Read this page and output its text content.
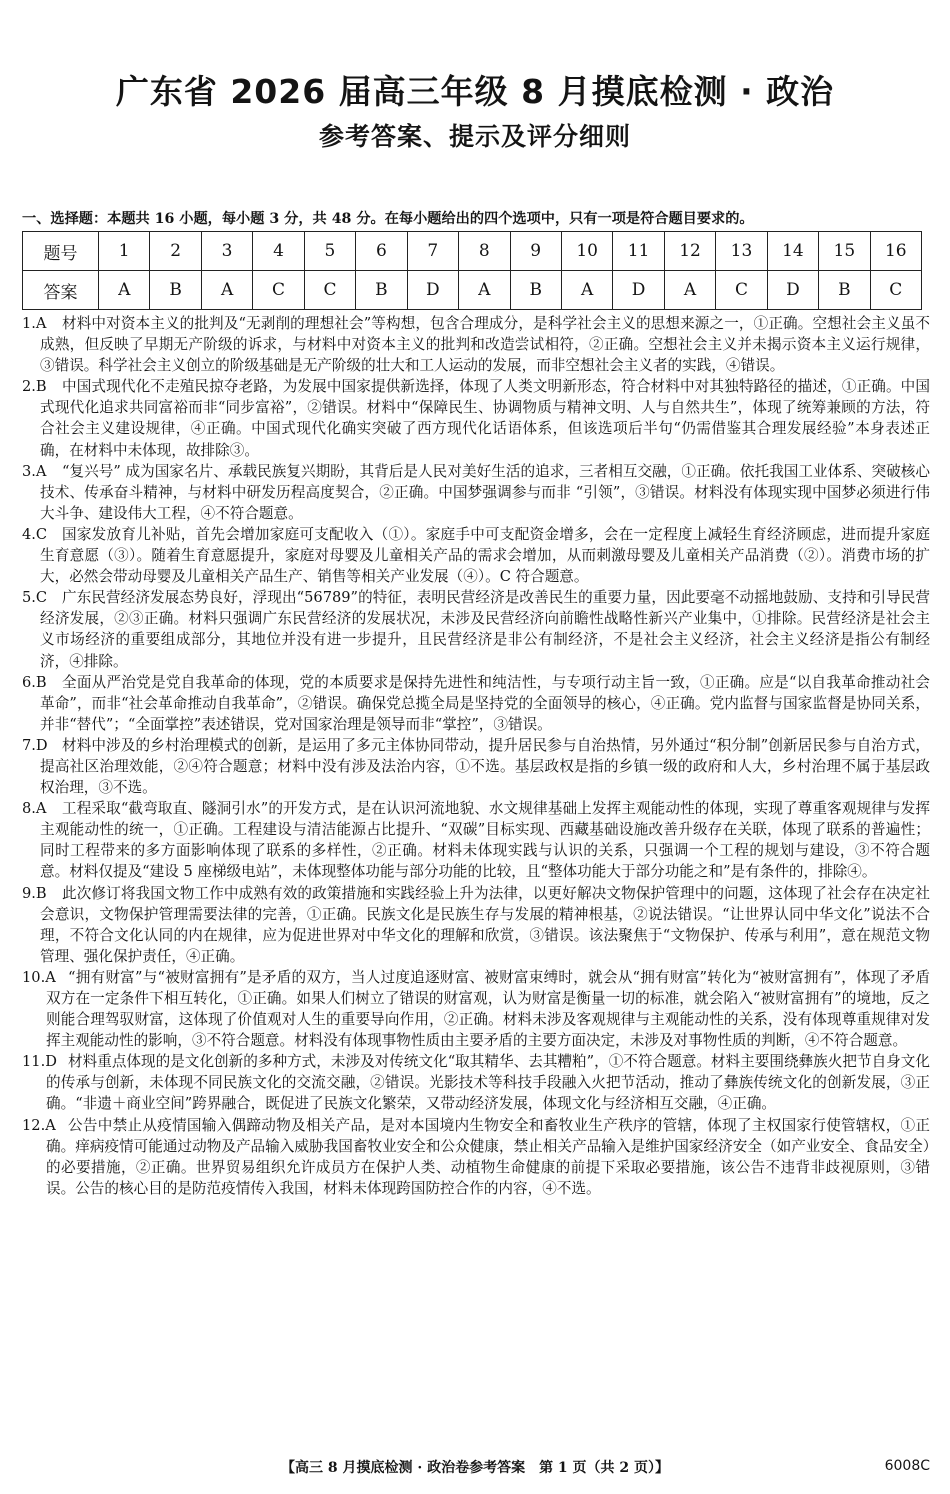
广东省 2026 届高三年级 8 月摸底检测 · 政治
参考答案、提示及评分细则
一、选择题：本题共 16 小题，每小题 3 分，共 48 分。在每小题给出的四个选项中，只有一项是符合题目要求的。
题号	1	2	3	4	5	6	7	8	9	10	11	12	13	14	15	16
答案	A	B	A	C	C	B	D	A	B	A	D	A	C	D	B	C
1.A	材料中对资本主义的批判及“无剥削的理想社会”等构想，包含合理成分，是科学社会主义的思想来源之一，①正确。空想社会主义虽不成熟，但反映了早期无产阶级的诉求，与材料中对资本主义的批判和改造尝试相符，②正确。空想社会主义并未揭示资本主义运行规律，③错误。科学社会主义创立的阶级基础是无产阶级的壮大和工人运动的发展，而非空想社会主义者的实践，④错误。
2.B	中国式现代化不走殖民掠夺老路，为发展中国家提供新选择，体现了人类文明新形态，符合材料中对其独特路径的描述，①正确。中国式现代化追求共同富裕而非“同步富裕”，②错误。材料中“保障民生、协调物质与精神文明、人与自然共生”，体现了统筹兼顾的方法，符合社会主义建设规律，④正确。中国式现代化确实突破了西方现代化话语体系，但该选项后半句“仍需借鉴其合理发展经验”本身表述正确，在材料中未体现，故排除③。
3.A	“复兴号” 成为国家名片、承载民族复兴期盼，其背后是人民对美好生活的追求，三者相互交融，①正确。依托我国工业体系、突破核心技术、传承奋斗精神，与材料中研发历程高度契合，②正确。中国梦强调参与而非 “引领”，③错误。材料没有体现实现中国梦必须进行伟大斗争、建设伟大工程，④不符合题意。
4.C	国家发放育儿补贴，首先会增加家庭可支配收入（①）。家庭手中可支配资金增多，会在一定程度上减轻生育经济顾虑，进而提升家庭生育意愿（③）。随着生育意愿提升，家庭对母婴及儿童相关产品的需求会增加，从而刺激母婴及儿童相关产品消费（②）。消费市场的扩大，必然会带动母婴及儿童相关产品生产、销售等相关产业发展（④）。C 符合题意。
5.C	广东民营经济发展态势良好，浮现出“56789”的特征，表明民营经济是改善民生的重要力量，因此要毫不动摇地鼓励、支持和引导民营经济发展，②③正确。材料只强调广东民营经济的发展状况，未涉及民营经济向前瞻性战略性新兴产业集中，①排除。民营经济是社会主义市场经济的重要组成部分，其地位并没有进一步提升，且民营经济是非公有制经济，不是社会主义经济，社会主义经济是指公有制经济，④排除。
6.B	全面从严治党是党自我革命的体现，党的本质要求是保持先进性和纯洁性，与专项行动主旨一致，①正确。应是“以自我革命推动社会革命”，而非“社会革命推动自我革命”，②错误。确保党总揽全局是坚持党的全面领导的核心，④正确。党内监督与国家监督是协同关系，并非“替代”；“全面掌控”表述错误，党对国家治理是领导而非“掌控”，③错误。
7.D 材料中涉及的乡村治理模式的创新，是运用了多元主体协同带动，提升居民参与自治热情，另外通过“积分制”创新居民参与自治方式，提高社区治理效能，②④符合题意；材料中没有涉及法治内容，①不选。基层政权是指的乡镇一级的政府和人大，乡村治理不属于基层政权治理，③不选。
8.A	工程采取“截弯取直、隧洞引水”的开发方式，是在认识河流地貌、水文规律基础上发挥主观能动性的体现，实现了尊重客观规律与发挥主观能动性的统一，①正确。工程建设与清洁能源占比提升、“双碳”目标实现、西藏基础设施改善升级存在关联，体现了联系的普遍性；同时工程带来的多方面影响体现了联系的多样性，②正确。材料未体现实践与认识的关系，只强调一个工程的规划与建设，③不符合题意。材料仅提及“建设 5 座梯级电站”，未体现整体功能与部分功能的比较，且“整体功能大于部分功能之和”是有条件的，排除④。
9.B	此次修订将我国文物工作中成熟有效的政策措施和实践经验上升为法律，以更好解决文物保护管理中的问题，这体现了社会存在决定社会意识，文物保护管理需要法律的完善，①正确。民族文化是民族生存与发展的精神根基，②说法错误。“让世界认同中华文化”说法不合理，不符合文化认同的内在规律，应为促进世界对中华文化的理解和欣赏，③错误。该法聚焦于“文物保护、传承与利用”，意在规范文物管理、强化保护责任，④正确。
10.A “拥有财富”与“被财富拥有”是矛盾的双方，当人过度追逐财富、被财富束缚时，就会从“拥有财富”转化为“被财富拥有”，体现了矛盾双方在一定条件下相互转化，①正确。如果人们树立了错误的财富观，认为财富是衡量一切的标准，就会陷入“被财富拥有”的境地，反之则能合理驾驭财富，这体现了价值观对人生的重要导向作用，②正确。材料未涉及客观规律与主观能动性的关系，没有体现尊重规律对发挥主观能动性的影响，③不符合题意。材料没有体现事物性质由主要矛盾的主要方面决定，未涉及对事物性质的判断，④不符合题意。
11.D 材料重点体现的是文化创新的多种方式，未涉及对传统文化“取其精华、去其糟粕”，①不符合题意。材料主要围绕彝族火把节自身文化的传承与创新，未体现不同民族文化的交流交融，②错误。光影技术等科技手段融入火把节活动，推动了彝族传统文化的创新发展，③正确。“非遗＋商业空间”跨界融合，既促进了民族文化繁荣，又带动经济发展，体现文化与经济相互交融，④正确。
12.A 公告中禁止从疫情国输入偶蹄动物及相关产品，是对本国境内生物安全和畜牧业生产秩序的管辖，体现了主权国家行使管辖权，①正确。痒病疫情可能通过动物及产品输入威胁我国畜牧业安全和公众健康，禁止相关产品输入是维护国家经济安全（如产业安全、食品安全）的必要措施，②正确。世界贸易组织允许成员方在保护人类、动植物生命健康的前提下采取必要措施，该公告不违背非歧视原则，③错误。公告的核心目的是防范疫情传入我国，材料未体现跨国防控合作的内容，④不选。
【高三 8 月摸底检测 · 政治卷参考答案　第 1 页（共 2 页）】	6008C
